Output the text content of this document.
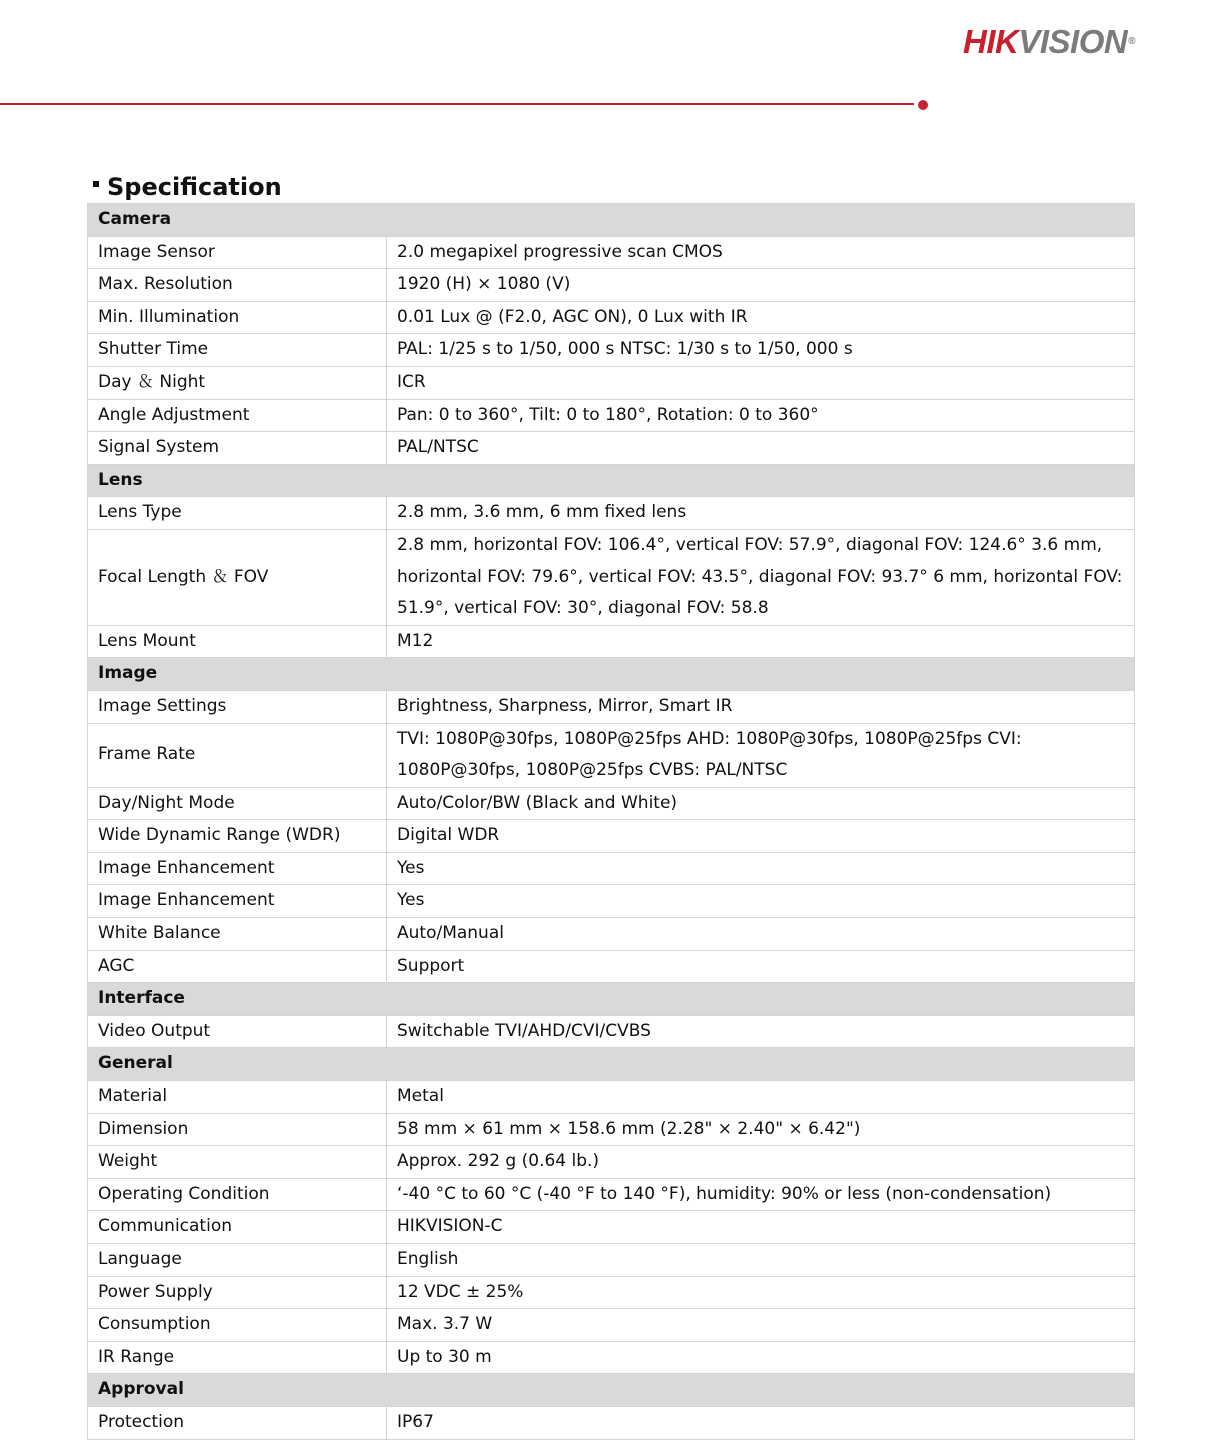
HIKVISION®
Specification
Camera	
Image Sensor	2.0 megapixel progressive scan CMOS
Max. Resolution	1920 (H) × 1080 (V)
Min. Illumination	0.01 Lux @ (F2.0, AGC ON), 0 Lux with IR
Shutter Time	PAL: 1/25 s to 1/50, 000 s NTSC: 1/30 s to 1/50, 000 s
Day ＆ Night	ICR
Angle Adjustment	Pan: 0 to 360°, Tilt: 0 to 180°, Rotation: 0 to 360°
Signal System	PAL/NTSC
Lens	
Lens Type	2.8 mm, 3.6 mm, 6 mm fixed lens
Focal Length ＆ FOV	2.8 mm, horizontal FOV: 106.4°, vertical FOV: 57.9°, diagonal FOV: 124.6° 3.6 mm, horizontal FOV: 79.6°, vertical FOV: 43.5°, diagonal FOV: 93.7° 6 mm, horizontal FOV: 51.9°, vertical FOV: 30°, diagonal FOV: 58.8
Lens Mount	M12
Image	
Image Settings	Brightness, Sharpness, Mirror, Smart IR
Frame Rate	TVI: 1080P@30fps, 1080P@25fps AHD: 1080P@30fps, 1080P@25fps CVI: 1080P@30fps, 1080P@25fps CVBS: PAL/NTSC
Day/Night Mode	Auto/Color/BW (Black and White)
Wide Dynamic Range (WDR)	Digital WDR
Image Enhancement	Yes
Image Enhancement	Yes
White Balance	Auto/Manual
AGC	Support
Interface	
Video Output	Switchable TVI/AHD/CVI/CVBS
General	
Material	Metal
Dimension	58 mm × 61 mm × 158.6 mm (2.28" × 2.40" × 6.42")
Weight	Approx. 292 g (0.64 lb.)
Operating Condition	‘-40 °C to 60 °C (-40 °F to 140 °F), humidity: 90% or less (non-condensation)
Communication	HIKVISION-C
Language	English
Power Supply	12 VDC ± 25%
Consumption	Max. 3.7 W
IR Range	Up to 30 m
Approval	
Protection	IP67
